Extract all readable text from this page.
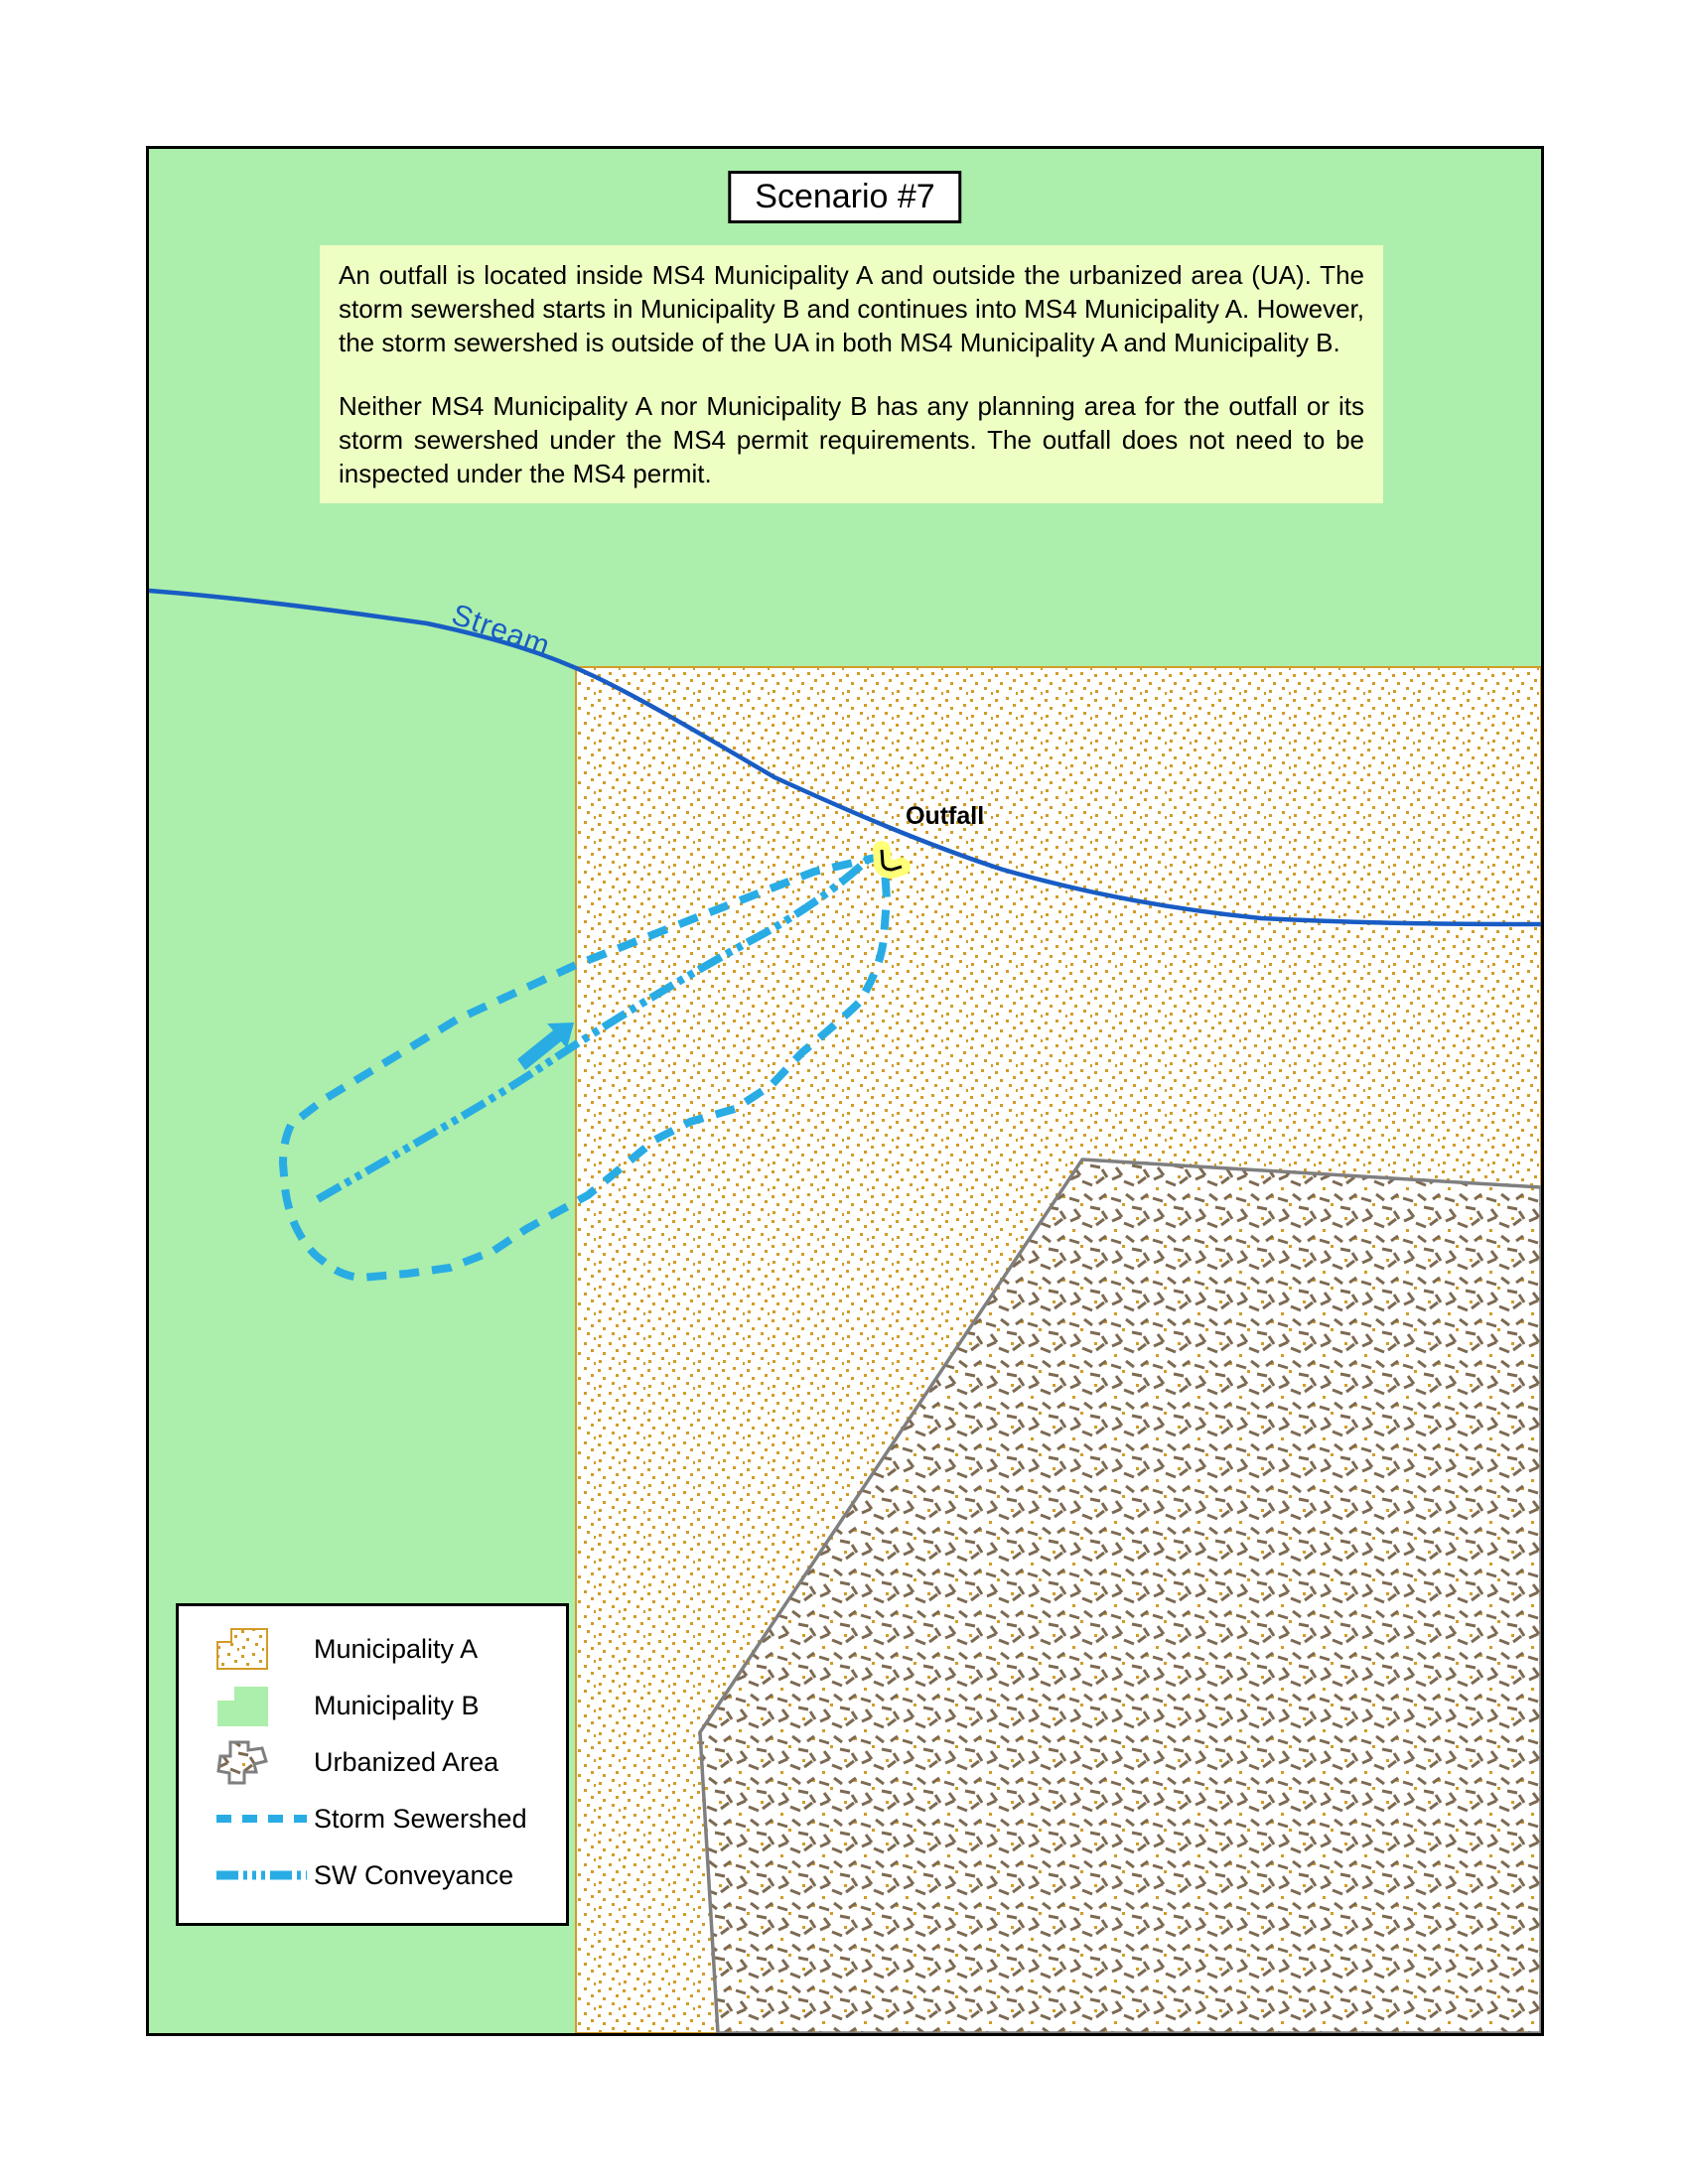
Stream
Outfall
Scenario #7

An outfall is located inside MS4 Municipality A and outside the urbanized area (UA). The storm sewershed starts in Municipality B and continues into MS4 Municipality A. However, the storm sewershed is outside of the UA in both MS4 Municipality A and Municipality B.

Neither MS4 Municipality A nor Municipality B has any planning area for the outfall or its storm sewershed under the MS4 permit requirements. The outfall does not need to be inspected under the MS4 permit.

Municipality A
Municipality B
Urbanized Area
Storm Sewershed
SW Conveyance
